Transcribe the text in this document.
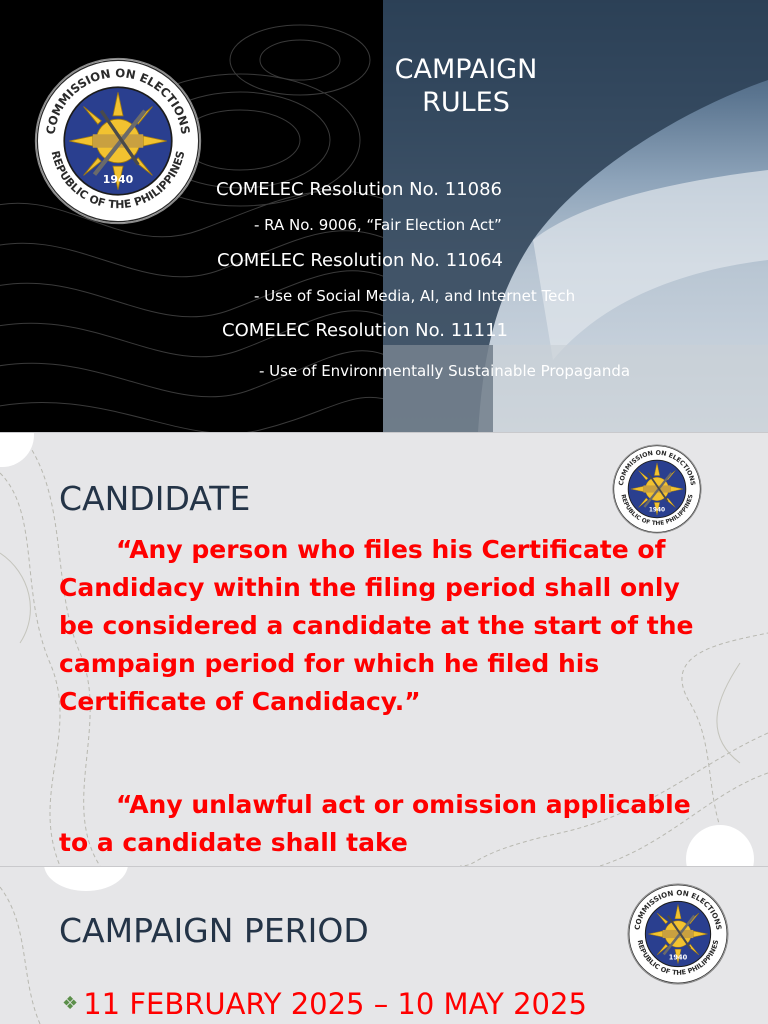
COMMISSION ON ELECTIONS
REPUBLIC OF THE PHILIPPINES
CAMPAIGN
RULES
COMELEC Resolution No. 11086
- RA No. 9006, “Fair Election Act”
COMELEC Resolution No. 11064
- Use of Social Media, AI, and Internet Tech
COMELEC Resolution No. 11111
- Use of Environmentally Sustainable Propaganda
CANDIDATE	COMMISSION ON ELECTIONS
REPUBLIC OF THE PHILIPPINES
“Any person who files his Certificate of Candidacy within the filing period shall only be considered a candidate at the start of the campaign period for which he filed his Certificate of Candidacy.”
“Any unlawful act or omission applicable to a candidate shall take
CAMPAIGN PERIOD	COMMISSION ON ELECTIONS
REPUBLIC OF THE PHILIPPINES
❖ 11 FEBRUARY 2025 – 10 MAY 2025
